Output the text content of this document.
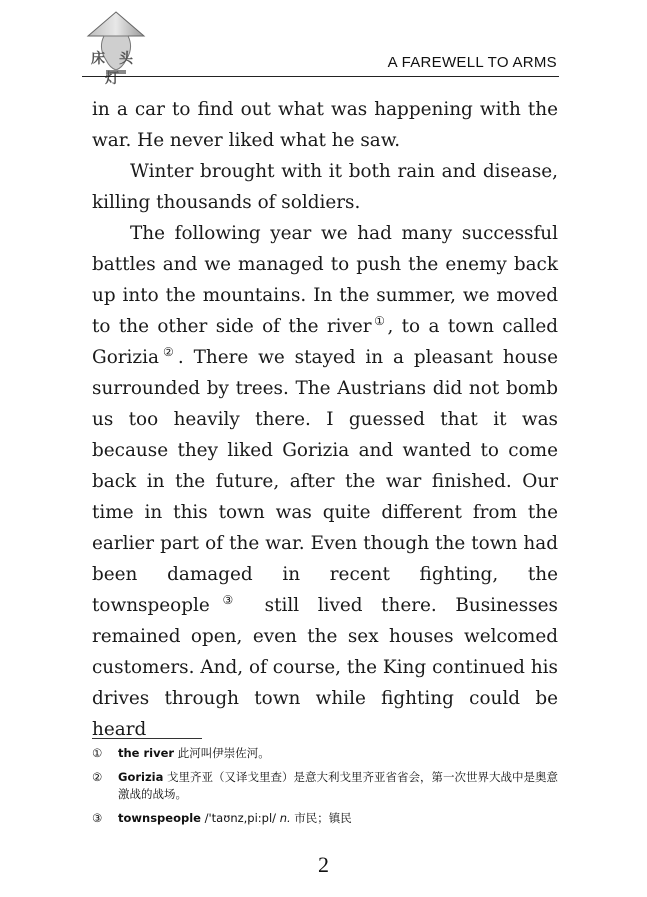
床头灯
A FAREWELL TO ARMS

in a car to find out what was happening with the war. He never liked what he saw.

Winter brought with it both rain and disease, killing thousands of soldiers.

The following year we had many successful battles and we managed to push the enemy back up into the mountains. In the summer, we moved to the other side of the river①, to a town called Gorizia②. There we stayed in a pleasant house surrounded by trees. The Austrians did not bomb us too heavily there. I guessed that it was because they liked Gorizia and wanted to come back in the future, after the war finished. Our time in this town was quite different from the earlier part of the war. Even though the town had been damaged in recent fighting, the townspeople③ still lived there. Businesses remained open, even the sex houses welcomed customers. And, of course, the King continued his drives through town while fighting could be heard

① the river 此河叫伊崇佐河。
② Gorizia 戈里齐亚（又译戈里查）是意大利戈里齐亚省省会，第一次世界大战中是奥意激战的战场。
③ townspeople /'taʊnz,pi:pl/ n. 市民；镇民
2
